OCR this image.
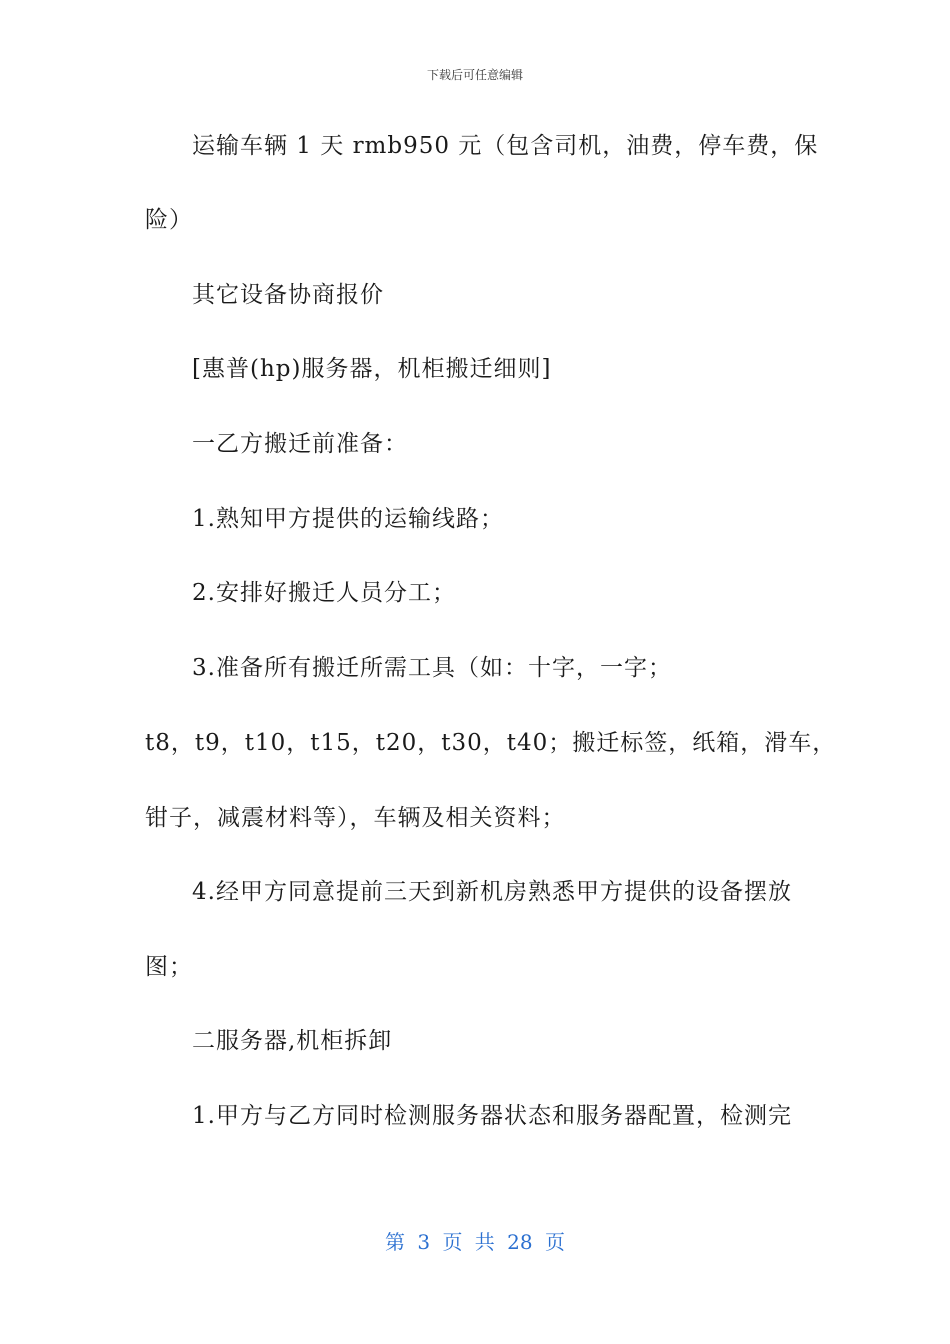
下载后可任意编辑
运输车辆 1 天 rmb950 元（包含司机，油费，停车费，保
险）
其它设备协商报价
[惠普(hp)服务器，机柜搬迁细则]
一乙方搬迁前准备：
1.熟知甲方提供的运输线路；
2.安排好搬迁人员分工；
3.准备所有搬迁所需工具（如：十字，一字；
t8，t9，t10，t15，t20，t30，t40；搬迁标签，纸箱，滑车，
钳子，减震材料等），车辆及相关资料；
4.经甲方同意提前三天到新机房熟悉甲方提供的设备摆放
图；
二服务器,机柜拆卸
1.甲方与乙方同时检测服务器状态和服务器配置，检测完
第 3 页 共 28 页
